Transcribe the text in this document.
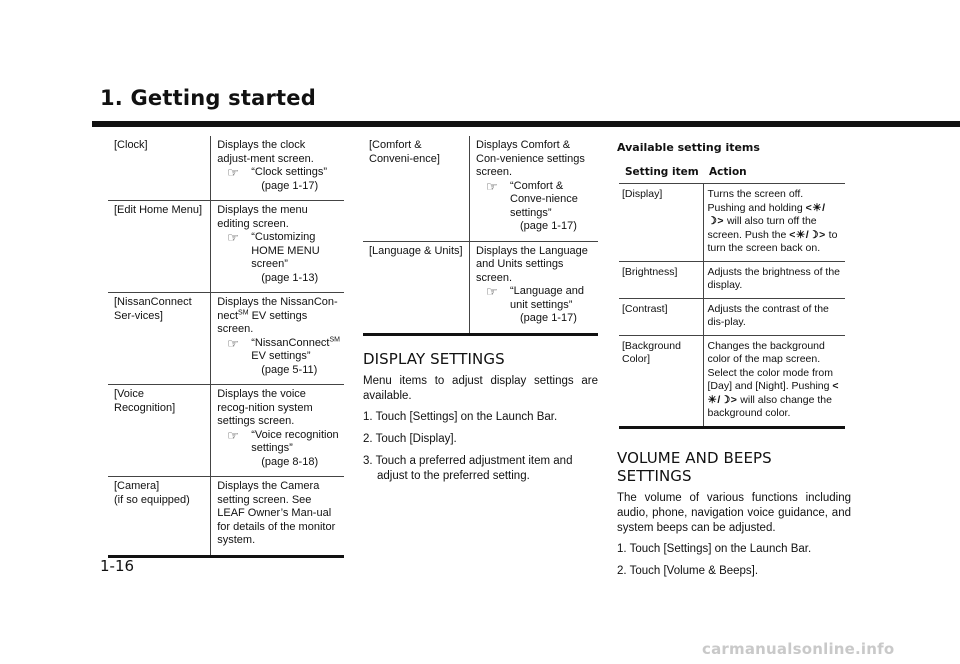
1. Getting started
[Clock]	Displays the clock adjust-ment screen.
☞ “Clock settings”
(page 1-17)

[Edit Home Menu]	Displays the menu editing screen.
☞ “Customizing HOME MENU screen”
(page 1-13)

[NissanConnect Ser-vices]	Displays the NissanCon-nect℠ EV settings screen.
☞ “NissanConnect℠ EV settings”
(page 5-11)

[Voice Recognition]	Displays the voice recog-nition system settings screen.
☞ “Voice recognition settings”
(page 8-18)

[Camera]
(if so equipped)	Displays the Camera setting screen. See LEAF Owner’s Man-ual for details of the monitor system.
[Comfort & Conveni-ence]	Displays Comfort & Con-venience settings screen.
☞ “Comfort & Conve-nience settings”
(page 1-17)

[Language & Units]	Displays the Language and Units settings screen.
☞ “Language and unit settings”
(page 1-17)
DISPLAY SETTINGS

Menu items to adjust display settings are available.

1. Touch [Settings] on the Launch Bar.
2. Touch [Display].
3. Touch a preferred adjustment item and adjust to the preferred setting.
Available setting items
Setting item	Action
[Display]	Turns the screen off. Pushing and holding <☀/☽> will also turn off the screen. Push the <☀/☽> to turn the screen back on.
[Brightness]	Adjusts the brightness of the display.
[Contrast]	Adjusts the contrast of the dis-play.
[Background Color]	Changes the background color of the map screen. Select the color mode from [Day] and [Night]. Pushing <☀/☽> will also change the background color.
VOLUME AND BEEPS SETTINGS

The volume of various functions including audio, phone, navigation voice guidance, and system beeps can be adjusted.

1. Touch [Settings] on the Launch Bar.
2. Touch [Volume & Beeps].
1-16
carmanualsonline.info
